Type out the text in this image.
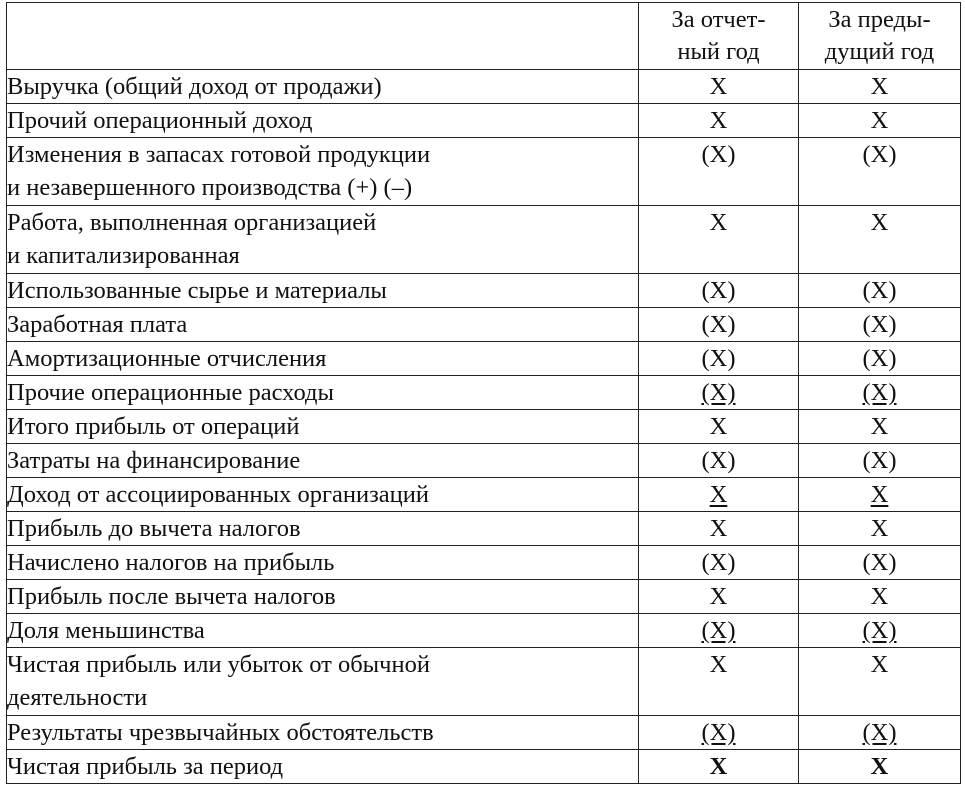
	За отчет-
ный год	За преды-
дущий год

Выручка (общий доход от продажи)	X	X

Прочий операционный доход	X	X

Изменения в запасах готовой продукции
и незавершенного производства (+) (–)	(X)	(X)

Работа, выполненная организацией
и капитализированная	X	X

Использованные сырье и материалы	(X)	(X)

Заработная плата	(X)	(X)

Амортизационные отчисления	(X)	(X)

Прочие операционные расходы	(X)	(X)

Итого прибыль от операций	X	X

Затраты на финансирование	(X)	(X)

Доход от ассоциированных организаций	X	X

Прибыль до вычета налогов	X	X

Начислено налогов на прибыль	(X)	(X)

Прибыль после вычета налогов	X	X

Доля меньшинства	(X)	(X)

Чистая прибыль или убыток от обычной
деятельности	X	X

Результаты чрезвычайных обстоятельств	(X)	(X)

Чистая прибыль за период	X	X
